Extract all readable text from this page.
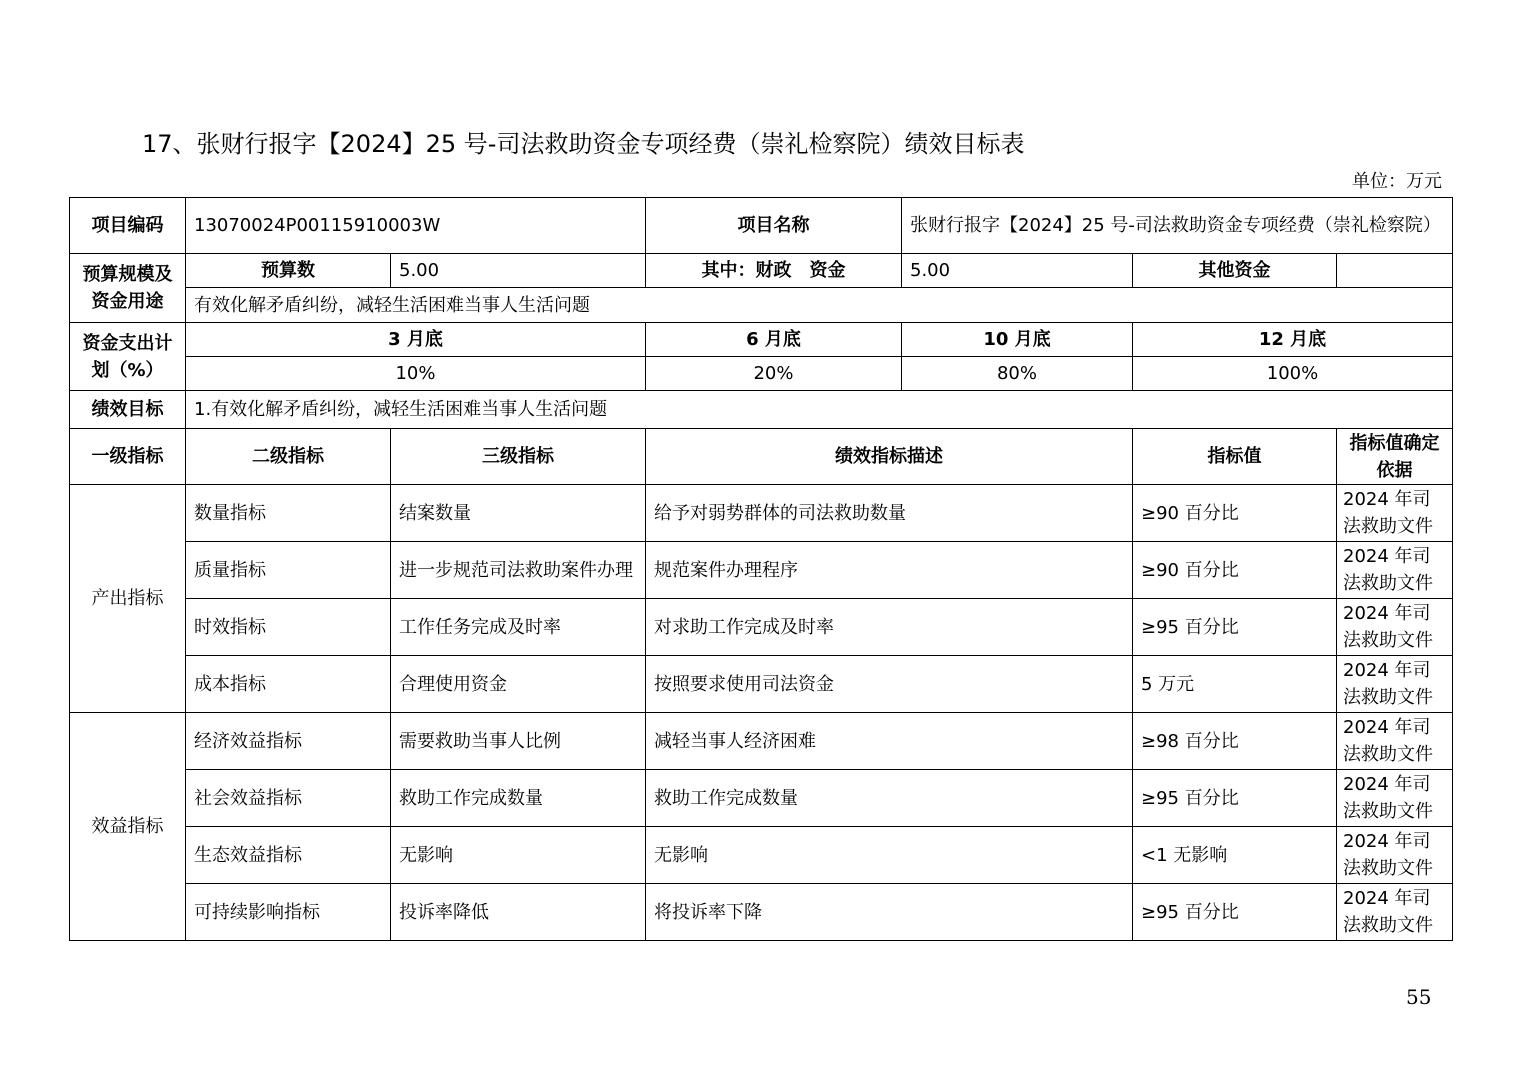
17、张财行报字【2024】25 号-司法救助资金专项经费（崇礼检察院）绩效目标表
单位：万元
项目编码	13070024P00115910003W		项目名称	张财行报字【2024】25 号-司法救助资金专项经费（崇礼检察院）		
预算规模及资金用途	预算数	5.00	其中：财政　资金	5.00	其他资金	
	有效化解矛盾纠纷，减轻生活困难当事人生活问题					
资金支出计划（%）	3 月底		6 月底	10 月底	12 月底	
	10%		20%	80%	100%	
绩效目标	1.有效化解矛盾纠纷，减轻生活困难当事人生活问题					
一级指标	二级指标	三级指标	绩效指标描述		指标值	指标值确定依据
产出指标	数量指标	结案数量	给予对弱势群体的司法救助数量		≥90 百分比	2024 年司法救助文件
	质量指标	进一步规范司法救助案件办理	规范案件办理程序		≥90 百分比	2024 年司法救助文件
	时效指标	工作任务完成及时率	对求助工作完成及时率		≥95 百分比	2024 年司法救助文件
	成本指标	合理使用资金	按照要求使用司法资金		5 万元	2024 年司法救助文件
效益指标	经济效益指标	需要救助当事人比例	减轻当事人经济困难		≥98 百分比	2024 年司法救助文件
	社会效益指标	救助工作完成数量	救助工作完成数量		≥95 百分比	2024 年司法救助文件
	生态效益指标	无影响	无影响		<1 无影响	2024 年司法救助文件
	可持续影响指标	投诉率降低	将投诉率下降		≥95 百分比	2024 年司法救助文件
55
